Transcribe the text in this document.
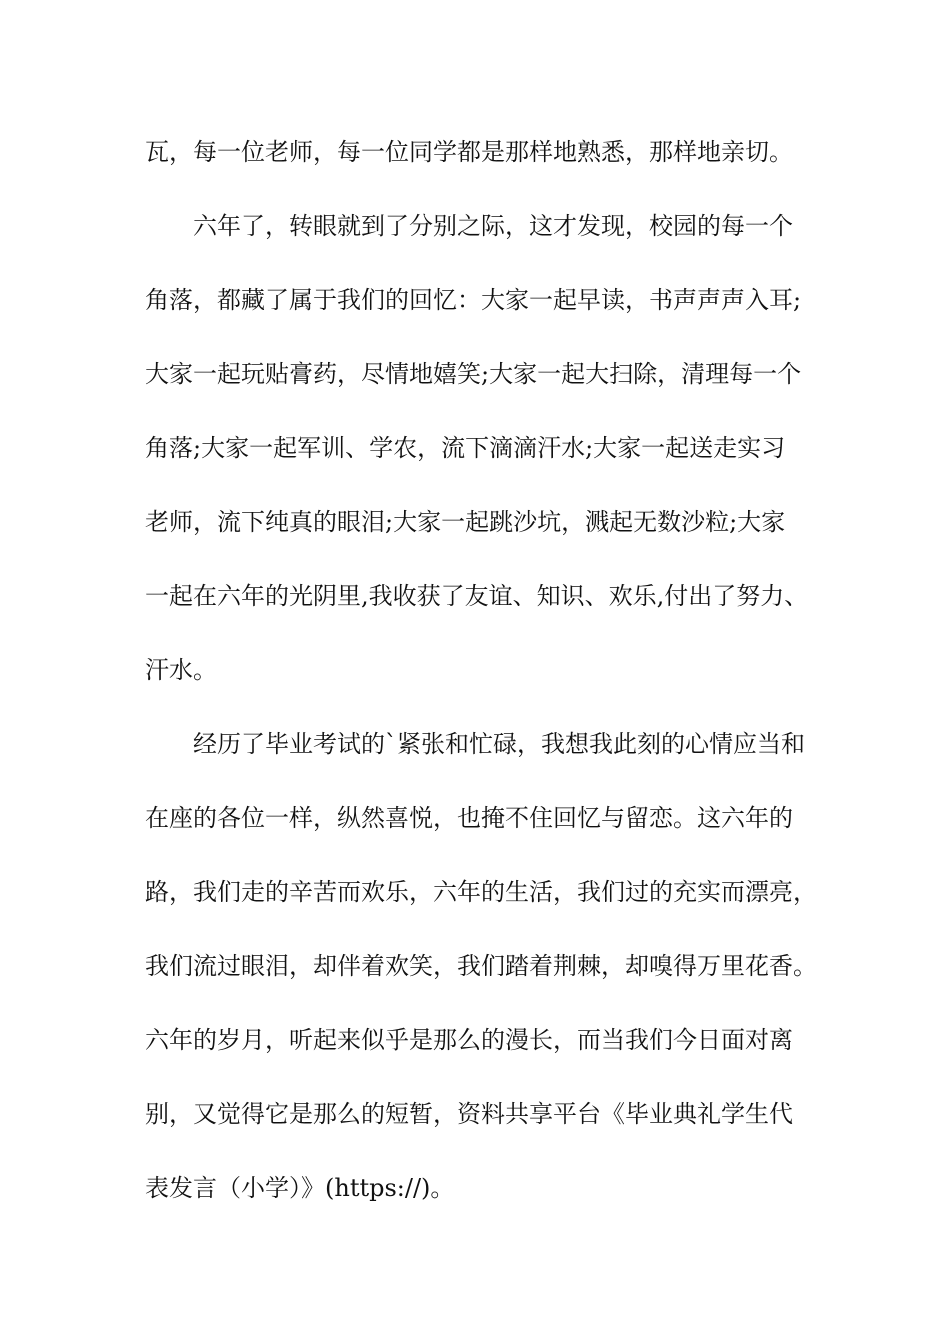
瓦，每一位老师，每一位同学都是那样地熟悉，那样地亲切。
六年了，转眼就到了分别之际，这才发现，校园的每一个
角落，都藏了属于我们的回忆：大家一起早读，书声声声入耳;
大家一起玩贴膏药，尽情地嬉笑;大家一起大扫除，清理每一个
角落;大家一起军训、学农，流下滴滴汗水;大家一起送走实习
老师，流下纯真的眼泪;大家一起跳沙坑，溅起无数沙粒;大家
一起在六年的光阴里,我收获了友谊、知识、欢乐,付出了努力、
汗水。
经历了毕业考试的`紧张和忙碌，我想我此刻的心情应当和
在座的各位一样，纵然喜悦，也掩不住回忆与留恋。这六年的
路，我们走的辛苦而欢乐，六年的生活，我们过的充实而漂亮，
我们流过眼泪，却伴着欢笑，我们踏着荆棘，却嗅得万里花香。
六年的岁月，听起来似乎是那么的漫长，而当我们今日面对离
别，又觉得它是那么的短暂，资料共享平台《毕业典礼学生代
表发言（小学）》(https://)。
